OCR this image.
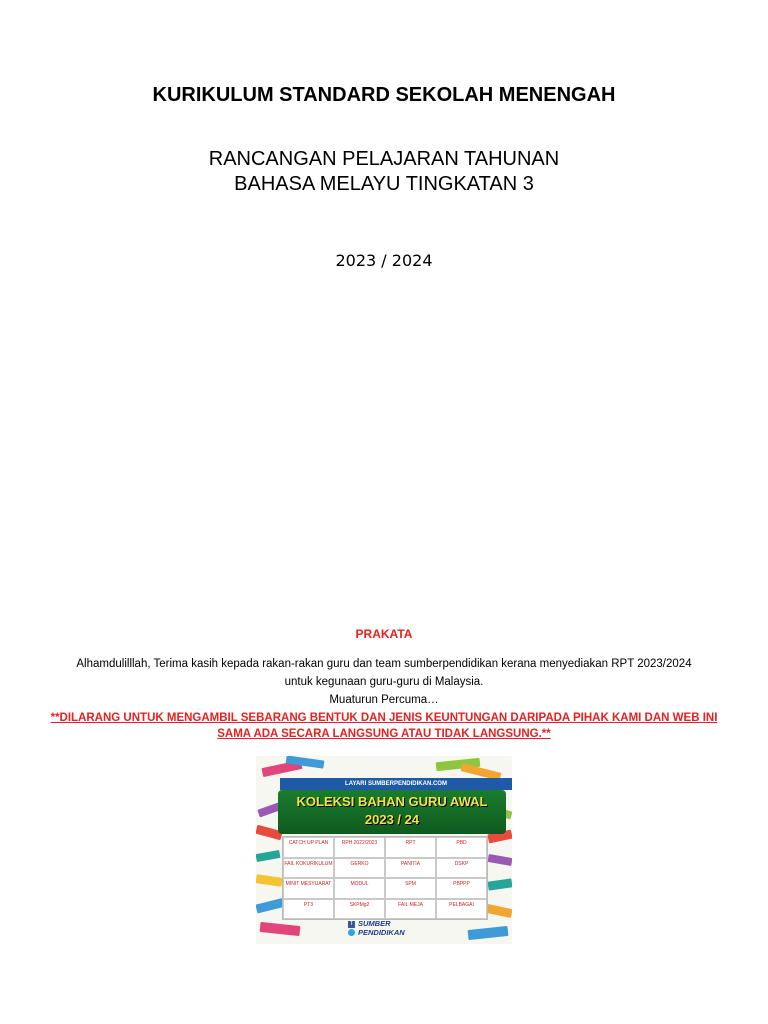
KURIKULUM STANDARD SEKOLAH MENENGAH
RANCANGAN PELAJARAN TAHUNAN
BAHASA MELAYU TINGKATAN 3
2023 / 2024
PRAKATA
Alhamdulilllah, Terima kasih kepada rakan-rakan guru dan team sumberpendidikan kerana menyediakan RPT 2023/2024
untuk kegunaan guru-guru di Malaysia.
Muaturun Percuma…
**DILARANG UNTUK MENGAMBIL SEBARANG BENTUK DAN JENIS KEUNTUNGAN DARIPADA PIHAK KAMI DAN WEB INI
SAMA ADA SECARA LANGSUNG ATAU TIDAK LANGSUNG.**
LAYARI SUMBERPENDIDIKAN.COM
KOLEKSI BAHAN GURU AWAL
2023 / 24
CATCH UP PLAN	RPH 2022/2023	RPT	PBD
FAIL KOKURIKULUM	GERKO	PANITIA	DSKP
MINIT MESYUARAT	MODUL	SPM	PBPPP
PT3	SKPMg2	FAIL MEJA	PELBAGAI
f SUMBER
PENDIDIKAN
